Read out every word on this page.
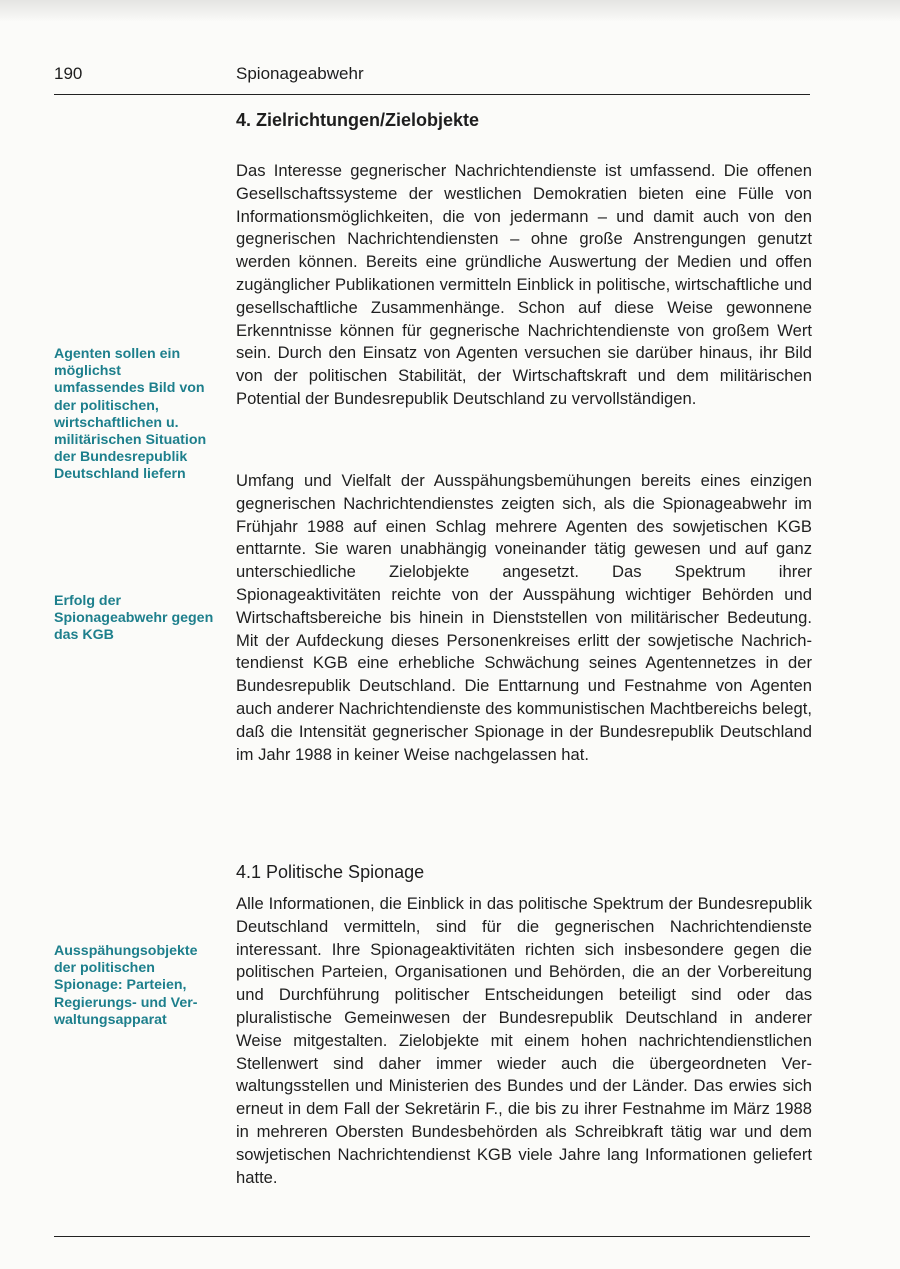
190	Spionageabwehr
4. Zielrichtungen/Zielobjekte

Das Interesse gegnerischer Nachrichtendienste ist umfassend. Die offenen Gesellschaftssysteme der westlichen Demokratien bieten eine Fülle von Informationsmöglichkeiten, die von jedermann – und damit auch von den gegnerischen Nachrichtendiensten – ohne große Anstrengungen genutzt werden können. Bereits eine gründliche Auswertung der Medien und offen zugänglicher Publikationen vermitteln Einblick in politische, wirtschaftliche und gesellschaftliche Zusammenhänge. Schon auf diese Weise gewonnene Erkenntnisse können für gegnerische Nachrichtendienste von großem Wert sein. Durch den Einsatz von Agenten versuchen sie darüber hinaus, ihr Bild von der politischen Stabilität, der Wirtschaftskraft und dem militärischen Potential der Bundesrepublik Deutschland zu vervollständigen.

Umfang und Vielfalt der Ausspähungsbemühungen bereits eines einzigen gegnerischen Nachrichtendienstes zeigten sich, als die Spionageabwehr im Frühjahr 1988 auf einen Schlag mehrere Agenten des sowjetischen KGB enttarnte. Sie waren unabhängig voneinander tätig gewesen und auf ganz unterschiedliche Zielobjekte angesetzt. Das Spektrum ihrer Spionageaktivitäten reichte von der Ausspähung wichtiger Behörden und Wirtschaftsbereiche bis hinein in Dienststellen von militärischer Bedeutung. Mit der Aufdeckung dieses Personenkreises erlitt der sowjetische Nachrichtendienst KGB eine erhebliche Schwächung seines Agentennetzes in der Bundesrepublik Deutschland. Die Enttarnung und Festnahme von Agenten auch anderer Nachrichtendienste des kommunistischen Machtbereichs belegt, daß die Intensität gegnerischer Spionage in der Bundesrepublik Deutschland im Jahr 1988 in keiner Weise nachgelassen hat.

4.1 Politische Spionage

Alle Informationen, die Einblick in das politische Spektrum der Bundesrepublik Deutschland vermitteln, sind für die gegnerischen Nachrichtendienste interessant. Ihre Spionageaktivitäten richten sich insbesondere gegen die politischen Parteien, Organisationen und Behörden, die an der Vorbereitung und Durchführung politischer Entscheidungen beteiligt sind oder das pluralistische Gemeinwesen der Bundesrepublik Deutschland in anderer Weise mitgestalten. Zielobjekte mit einem hohen nachrichtendienstlichen Stellenwert sind daher immer wieder auch die übergeordneten Verwaltungsstellen und Ministerien des Bundes und der Länder. Das erwies sich erneut in dem Fall der Sekretärin F., die bis zu ihrer Festnahme im März 1988 in mehreren Obersten Bundesbehörden als Schreibkraft tätig war und dem sowjetischen Nachrichtendienst KGB viele Jahre lang Informationen geliefert hatte.

Agenten sollen ein möglichst umfassendes Bild von der politischen, wirtschaftlichen u. militärischen Situation der Bundesrepublik Deutschland liefern

Erfolg der Spionageabwehr gegen das KGB

Ausspähungsobjekte der politischen Spionage: Parteien, Regierungs- und Verwaltungsapparat
